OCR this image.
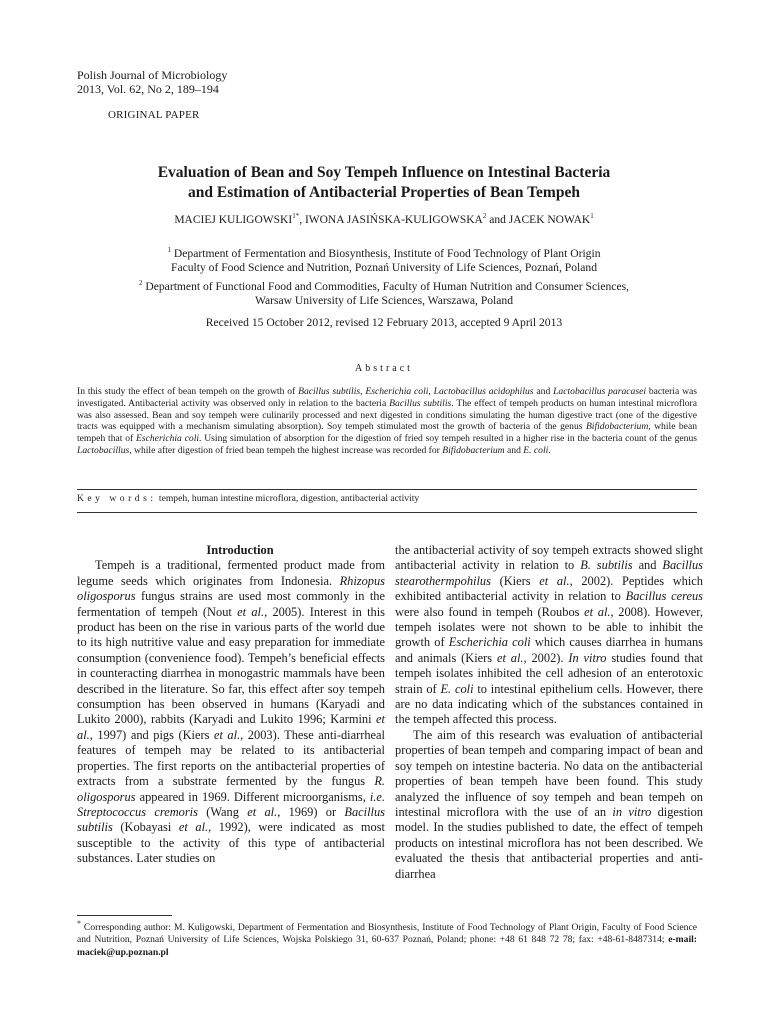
Polish Journal of Microbiology
2013, Vol. 62, No 2, 189–194
ORIGINAL PAPER
Evaluation of Bean and Soy Tempeh Influence on Intestinal Bacteria
and Estimation of Antibacterial Properties of Bean Tempeh
MACIEJ $KULIGOWSKI^{1*}$, IWONA JASIŃSKA-KULIGOWSKA$^2$ and JACEK NOWAK$^1$
$^1$ Department of Fermentation and Biosynthesis, Institute of Food Technology of Plant Origin
Faculty of Food Science and Nutrition, Poznań University of Life Sciences, Poznań, Poland
$^2$ Department of Functional Food and Commodities, Faculty of Human Nutrition and Consumer Sciences,
Warsaw University of Life Sciences, Warszawa, Poland
Received 15 October 2012, revised 12 February 2013, accepted 9 April 2013
Abstract
In this study the effect of bean tempeh on the growth of Bacillus subtilis, Escherichia coli, Lactobacillus acidophilus and Lactobacillus paracasei bacteria was investigated. Antibacterial activity was observed only in relation to the bacteria Bacillus subtilis. The effect of tempeh products on human intestinal microflora was also assessed. Bean and soy tempeh were culinarily processed and next digested in conditions simulating the human digestive tract (one of the digestive tracts was equipped with a mechanism simulating absorption). Soy tempeh stimulated most the growth of bacteria of the genus Bifidobacterium, while bean tempeh that of Escherichia coli. Using simulation of absorption for the digestion of fried soy tempeh resulted in a higher rise in the bacteria count of the genus Lactobacillus, while after digestion of fried bean tempeh the highest increase was recorded for Bifidobacterium and E. coli.
Key words: tempeh, human intestine microflora, digestion, antibacterial activity

Introduction

Tempeh is a traditional, fermented product made from legume seeds which originates from Indonesia. Rhizopus oligosporus fungus strains are used most commonly in the fermentation of tempeh (Nout et al., 2005). Interest in this product has been on the rise in various parts of the world due to its high nutritive value and easy preparation for immediate consumption (convenience food). Tempeh’s beneficial effects in counteracting diarrhea in monogastric mammals have been described in the literature. So far, this effect after soy tempeh consumption has been observed in humans (Karyadi and Lukito 2000), rabbits (Karyadi and Lukito 1996; Karmini et al., 1997) and pigs (Kiers et al., 2003). These anti-diarrheal features of tempeh may be related to its antibacterial properties. The first reports on the antibacterial properties of extracts from a substrate fermented by the fungus R. oligosporus appeared in 1969. Different microorganisms, i.e. Streptococcus cremoris (Wang et al., 1969) or Bacillus subtilis (Kobayasi et al., 1992), were indicated as most susceptible to the activity of this type of antibacterial substances. Later studies on

the antibacterial activity of soy tempeh extracts showed slight antibacterial activity in relation to B. subtilis and Bacillus stearothermpohilus (Kiers et al., 2002). Peptides which exhibited antibacterial activity in relation to Bacillus cereus were also found in tempeh (Roubos et al., 2008). However, tempeh isolates were not shown to be able to inhibit the growth of Escherichia coli which causes diarrhea in humans and animals (Kiers et al., 2002). In vitro studies found that tempeh isolates inhibited the cell adhesion of an enterotoxic strain of E. coli to intestinal epithelium cells. However, there are no data indicating which of the substances contained in the tempeh affected this process.

The aim of this research was evaluation of antibacterial properties of bean tempeh and comparing impact of bean and soy tempeh on intestine bacteria. No data on the antibacterial properties of bean tempeh have been found. This study analyzed the influence of soy tempeh and bean tempeh on intestinal microflora with the use of an in vitro digestion model. In the studies published to date, the effect of tempeh products on intestinal microflora has not been described. We evaluated the thesis that antibacterial properties and anti-diarrhea

* Corresponding author: M. Kuligowski, Department of Fermentation and Biosynthesis, Institute of Food Technology of Plant Origin, Faculty of Food Science and Nutrition, Poznań University of Life Sciences, Wojska Polskiego 31, 60-637 Poznań, Poland; phone: +48 61 848 72 78; fax: +48-61-8487314; e-mail: maciek@up.poznan.pl
